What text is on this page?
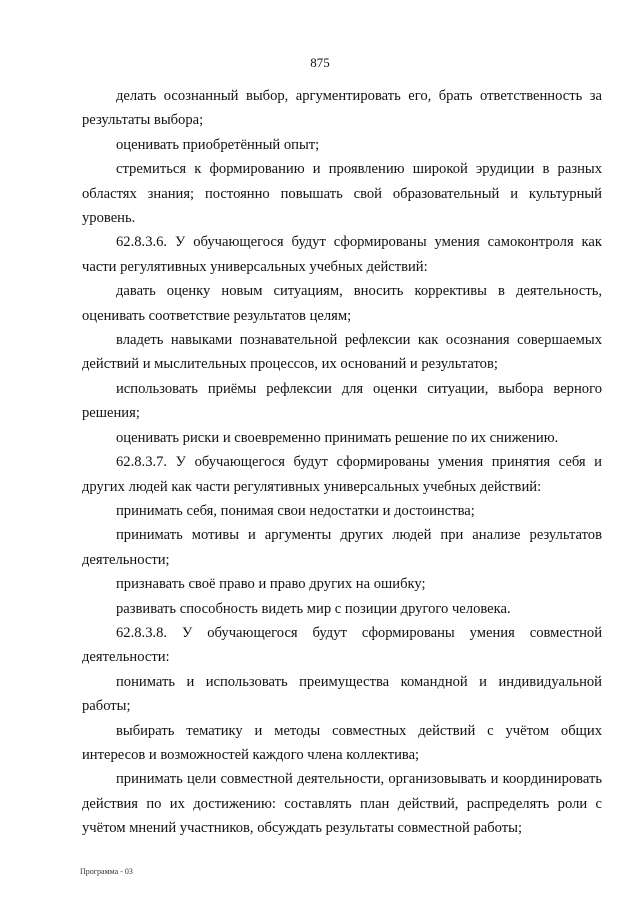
875

делать осознанный выбор, аргументировать его, брать ответственность за результаты выбора;

оценивать приобретённый опыт;

стремиться к формированию и проявлению широкой эрудиции в разных областях знания; постоянно повышать свой образовательный и культурный уровень.

62.8.3.6. У обучающегося будут сформированы умения самоконтроля как части регулятивных универсальных учебных действий:

давать оценку новым ситуациям, вносить коррективы в деятельность, оценивать соответствие результатов целям;

владеть навыками познавательной рефлексии как осознания совершаемых действий и мыслительных процессов, их оснований и результатов;

использовать приёмы рефлексии для оценки ситуации, выбора верного решения;

оценивать риски и своевременно принимать решение по их снижению.

62.8.3.7. У обучающегося будут сформированы умения принятия себя и других людей как части регулятивных универсальных учебных действий:

принимать себя, понимая свои недостатки и достоинства;

принимать мотивы и аргументы других людей при анализе результатов деятельности;

признавать своё право и право других на ошибку;

развивать способность видеть мир с позиции другого человека.

62.8.3.8. У обучающегося будут сформированы умения совместной деятельности:

понимать и использовать преимущества командной и индивидуальной работы;

выбирать тематику и методы совместных действий с учётом общих интересов и возможностей каждого члена коллектива;

принимать цели совместной деятельности, организовывать и координировать действия по их достижению: составлять план действий, распределять роли с учётом мнений участников, обсуждать результаты совместной работы;

Программа - 03
